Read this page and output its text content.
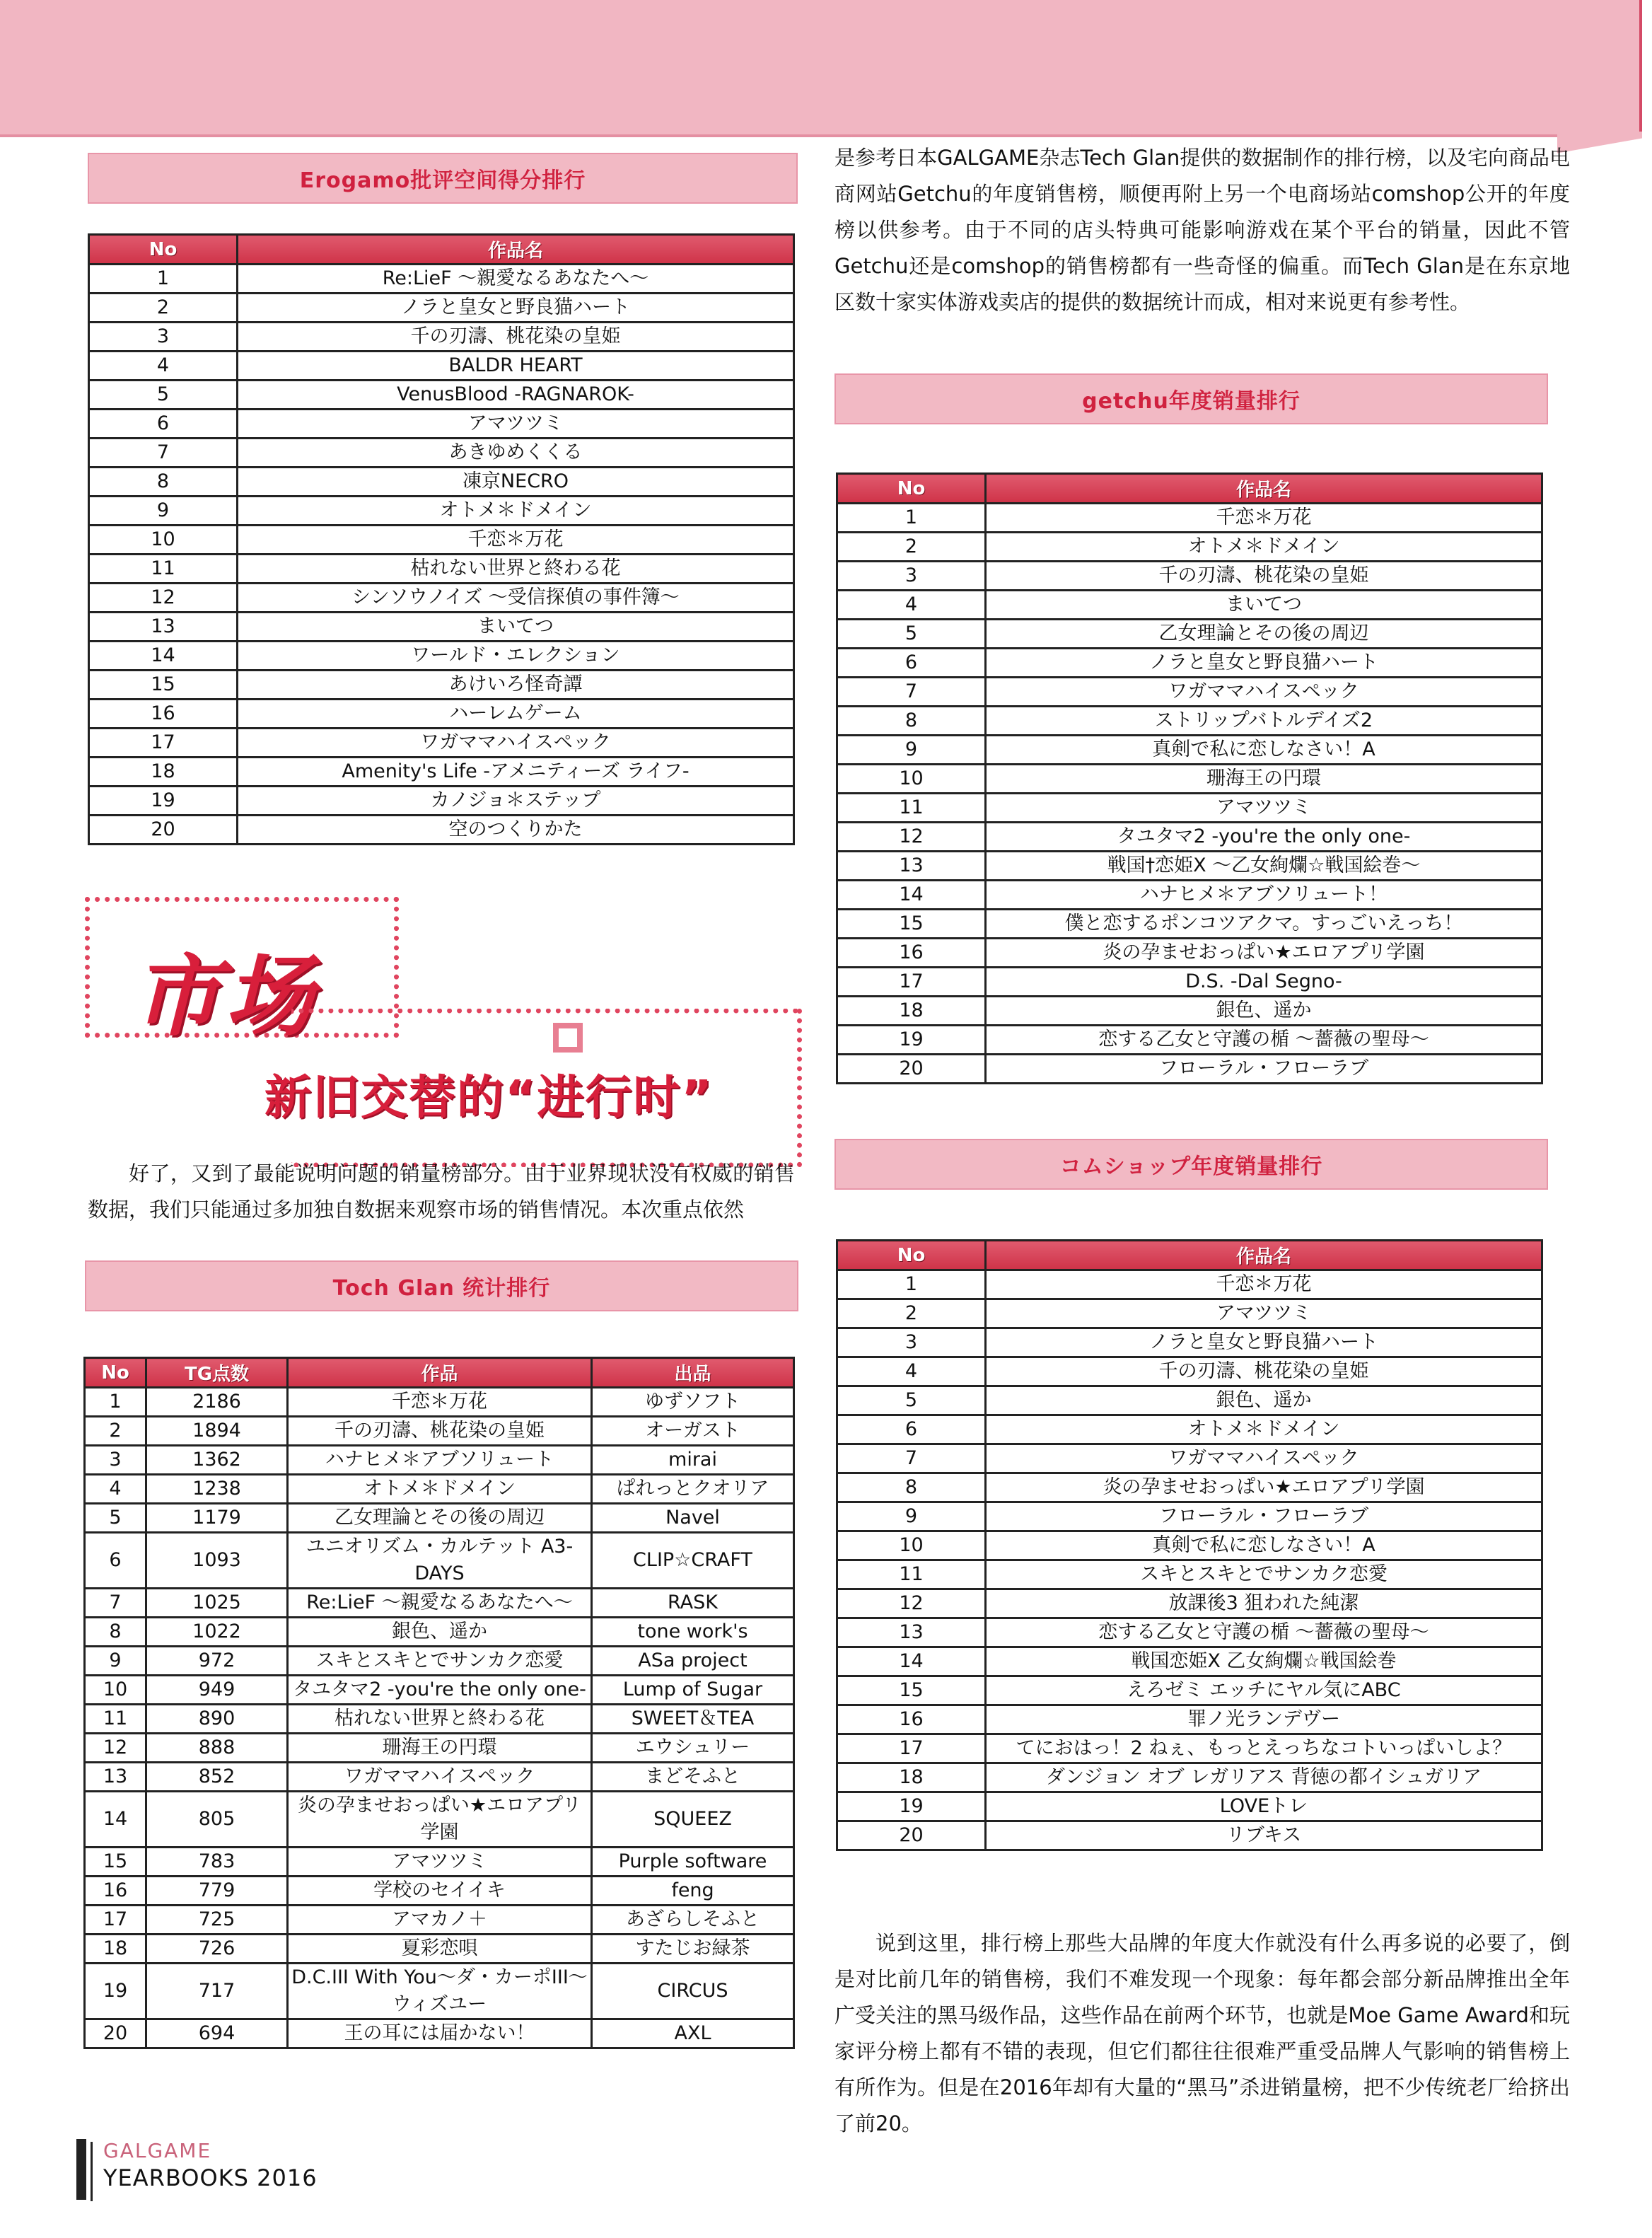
Erogamo批评空间得分排行
No	作品名
1	Re:LieF ～親愛なるあなたへ～
2	ノラと皇女と野良猫ハート
3	千の刃濤、桃花染の皇姫
4	BALDR HEART
5	VenusBlood -RAGNAROK-
6	アマツツミ
7	あきゆめくくる
8	凍京NECRO
9	オトメ＊ドメイン
10	千恋＊万花
11	枯れない世界と終わる花
12	シンソウノイズ ～受信探偵の事件簿～
13	まいてつ
14	ワールド・エレクション
15	あけいろ怪奇譚
16	ハーレムゲーム
17	ワガママハイスペック
18	Amenity's Life -アメニティーズ ライフ-
19	カノジョ＊ステップ
20	空のつくりかた
市场
新旧交替的“进行时”
好了，又到了最能说明问题的销量榜部分。由于业界现状没有权威的销售数据，我们只能通过多加独自数据来观察市场的销售情况。本次重点依然
Toch Glan 统计排行
No	TG点数	作品	出品
1	2186	千恋＊万花	ゆずソフト
2	1894	千の刃濤、桃花染の皇姫	オーガスト
3	1362	ハナヒメ＊アブソリュート	mirai
4	1238	オトメ＊ドメイン	ぱれっとクオリア
5	1179	乙女理論とその後の周辺	Navel
6	1093	ユニオリズム・カルテット A3-DAYS	CLIP☆CRAFT
7	1025	Re:LieF ～親愛なるあなたへ～	RASK
8	1022	銀色、遥か	tone work's
9	972	スキとスキとでサンカク恋愛	ASa project
10	949	タユタマ2 -you're the only one-	Lump of Sugar
11	890	枯れない世界と終わる花	SWEET＆TEA
12	888	珊海王の円環	エウシュリー
13	852	ワガママハイスペック	まどそふと
14	805	炎の孕ませおっぱい★エロアプリ学園	SQUEEZ
15	783	アマツツミ	Purple software
16	779	学校のセイイキ	feng
17	725	アマカノ＋	あざらしそふと
18	726	夏彩恋唄	すたじお緑茶
19	717	D.C.III With You～ダ・カーポIII～ウィズユー	CIRCUS
20	694	王の耳には届かない！	AXL
GALGAME
YEARBOOKS 2016
是参考日本GALGAME杂志Tech Glan提供的数据制作的排行榜，以及宅向商品电商网站Getchu的年度销售榜，顺便再附上另一个电商场站comshop公开的年度榜以供参考。由于不同的店头特典可能影响游戏在某个平台的销量，因此不管Getchu还是comshop的销售榜都有一些奇怪的偏重。而Tech Glan是在东京地区数十家实体游戏卖店的提供的数据统计而成，相对来说更有参考性。
getchu年度销量排行
No	作品名
1	千恋＊万花
2	オトメ＊ドメイン
3	千の刃濤、桃花染の皇姫
4	まいてつ
5	乙女理論とその後の周辺
6	ノラと皇女と野良猫ハート
7	ワガママハイスペック
8	ストリップバトルデイズ2
9	真剣で私に恋しなさい！A
10	珊海王の円環
11	アマツツミ
12	タユタマ2 -you're the only one-
13	戦国†恋姫X ～乙女絢爛☆戦国絵巻～
14	ハナヒメ＊アブソリュート！
15	僕と恋するポンコツアクマ。すっごいえっち！
16	炎の孕ませおっぱい★エロアプリ学園
17	D.S. -Dal Segno-
18	銀色、遥か
19	恋する乙女と守護の楯 ～薔薇の聖母～
20	フローラル・フローラブ
コムショップ年度销量排行
No	作品名
1	千恋＊万花
2	アマツツミ
3	ノラと皇女と野良猫ハート
4	千の刃濤、桃花染の皇姫
5	銀色、遥か
6	オトメ＊ドメイン
7	ワガママハイスペック
8	炎の孕ませおっぱい★エロアプリ学園
9	フローラル・フローラブ
10	真剣で私に恋しなさい！A
11	スキとスキとでサンカク恋愛
12	放課後3 狙われた純潔
13	恋する乙女と守護の楯 ～薔薇の聖母～
14	戦国恋姫X 乙女絢爛☆戦国絵巻
15	えろゼミ エッチにヤル気にABC
16	罪ノ光ランデヴー
17	てにおはっ！2 ねぇ、もっとえっちなコトいっぱいしよ？
18	ダンジョン オブ レガリアス 背徳の都イシュガリア
19	LOVEトレ
20	リブキス
说到这里，排行榜上那些大品牌的年度大作就没有什么再多说的必要了，倒是对比前几年的销售榜，我们不难发现一个现象：每年都会部分新品牌推出全年广受关注的黑马级作品，这些作品在前两个环节，也就是Moe Game Award和玩家评分榜上都有不错的表现，但它们都往往很难严重受品牌人气影响的销售榜上有所作为。但是在2016年却有大量的“黑马”杀进销量榜，把不少传统老厂给挤出了前20。
